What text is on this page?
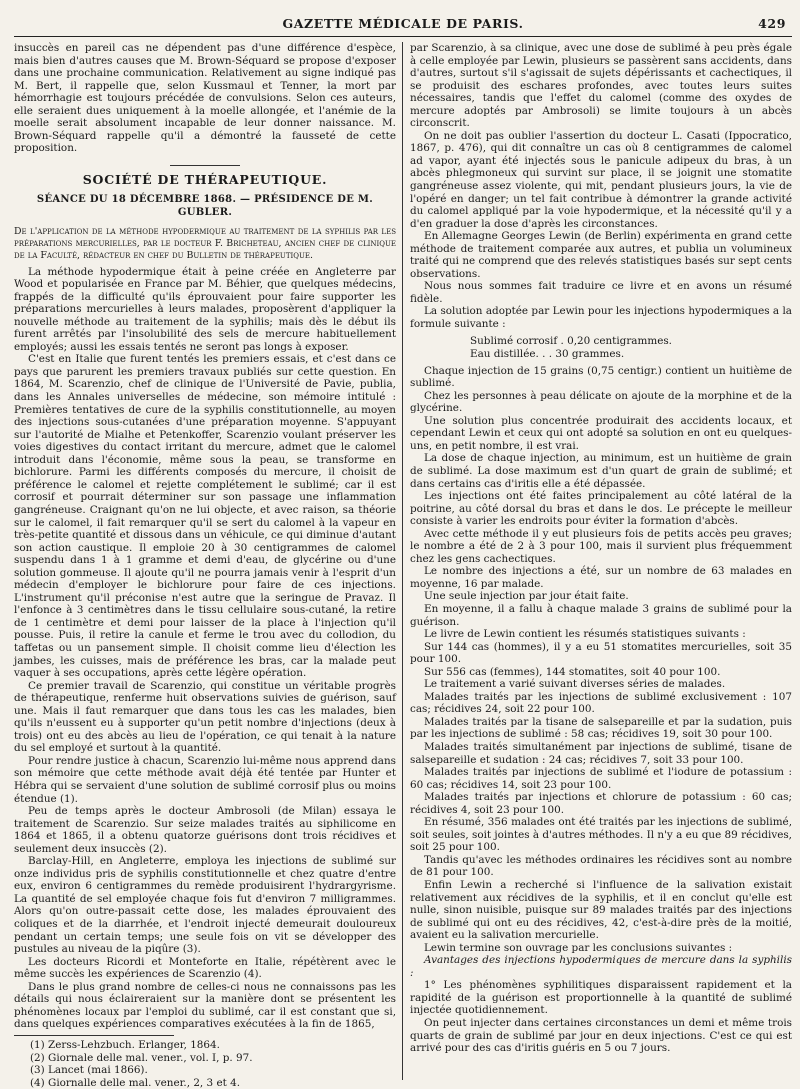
GAZETTE MÉDICALE DE PARIS.	429

insuccès en pareil cas ne dépendent pas d'une différence d'espèce, mais bien d'autres causes que M. Brown-Séquard se propose d'exposer dans une prochaine communication. Relativement au signe indiqué pas M. Bert, il rappelle que, selon Kussmaul et Tenner, la mort par hémorrhagie est toujours précédée de convulsions. Selon ces auteurs, elle seraient dues uniquement à la moelle allongée, et l'anémie de la moelle serait absolument incapable de leur donner naissance. M. Brown-Séquard rappelle qu'il a démontré la fausseté de cette proposition.

SOCIÉTÉ DE THÉRAPEUTIQUE.
SÉANCE DU 18 DÉCEMBRE 1868. — PRÉSIDENCE DE M. GUBLER.

De l'application de la méthode hypodermique au traitement de la syphilis par les préparations mercurielles, par le docteur F. Bricheteau, ancien chef de clinique de la Faculté, rédacteur en chef du Bulletin de thérapeutique.

La méthode hypodermique était à peine créée en Angleterre par Wood et popularisée en France par M. Béhier, que quelques médecins, frappés de la difficulté qu'ils éprouvaient pour faire supporter les préparations mercurielles à leurs malades, proposèrent d'appliquer la nouvelle méthode au traitement de la syphilis; mais dès le début ils furent arrêtés par l'insolubilité des sels de mercure habituellement employés; aussi les essais tentés ne seront pas longs à exposer.

C'est en Italie que furent tentés les premiers essais, et c'est dans ce pays que parurent les premiers travaux publiés sur cette question. En 1864, M. Scarenzio, chef de clinique de l'Université de Pavie, publia, dans les Annales universelles de médecine, son mémoire intitulé : Premières tentatives de cure de la syphilis constitutionnelle, au moyen des injections sous-cutanées d'une préparation moyenne. S'appuyant sur l'autorité de Mialhe et Petenkoffer, Scarenzio voulant préserver les voies digestives du contact irritant du mercure, admet que le calomel introduit dans l'économie, même sous la peau, se transforme en bichlorure. Parmi les différents composés du mercure, il choisit de préférence le calomel et rejette complétement le sublimé; car il est corrosif et pourrait déterminer sur son passage une inflammation gangréneuse. Craignant qu'on ne lui objecte, et avec raison, sa théorie sur le calomel, il fait remarquer qu'il se sert du calomel à la vapeur en très-petite quantité et dissous dans un véhicule, ce qui diminue d'autant son action caustique. Il emploie 20 à 30 centigrammes de calomel suspendu dans 1 à 1 gramme et demi d'eau, de glycérine ou d'une solution gommeuse. Il ajoute qu'il ne pourra jamais venir à l'esprit d'un médecin d'employer le bichlorure pour faire de ces injections. L'instrument qu'il préconise n'est autre que la seringue de Pravaz. Il l'enfonce à 3 centimètres dans le tissu cellulaire sous-cutané, la retire de 1 centimètre et demi pour laisser de la place à l'injection qu'il pousse. Puis, il retire la canule et ferme le trou avec du collodion, du taffetas ou un pansement simple. Il choisit comme lieu d'élection les jambes, les cuisses, mais de préférence les bras, car la malade peut vaquer à ses occupations, après cette légère opération.

Ce premier travail de Scarenzio, qui constitue un véritable progrès de thérapeutique, renferme huit observations suivies de guérison, sauf une. Mais il faut remarquer que dans tous les cas les malades, bien qu'ils n'eussent eu à supporter qu'un petit nombre d'injections (deux à trois) ont eu des abcès au lieu de l'opération, ce qui tenait à la nature du sel employé et surtout à la quantité.

Pour rendre justice à chacun, Scarenzio lui-même nous apprend dans son mémoire que cette méthode avait déjà été tentée par Hunter et Hébra qui se servaient d'une solution de sublimé corrosif plus ou moins étendue (1).

Peu de temps après le docteur Ambrosoli (de Milan) essaya le traitement de Scarenzio. Sur seize malades traités au siphilicome en 1864 et 1865, il a obtenu quatorze guérisons dont trois récidives et seulement deux insuccès (2).

Barclay-Hill, en Angleterre, employa les injections de sublimé sur onze individus pris de syphilis constitutionnelle et chez quatre d'entre eux, environ 6 centigrammes du remède produisirent l'hydrargyrisme. La quantité de sel employée chaque fois fut d'environ 7 milligrammes. Alors qu'on outre-passait cette dose, les malades éprouvaient des coliques et de la diarrhée, et l'endroit injecté demeurait douloureux pendant un certain temps; une seule fois on vit se développer des pustules au niveau de la piqûre (3).

Les docteurs Ricordi et Monteforte en Italie, répétèrent avec le même succès les expériences de Scarenzio (4).

Dans le plus grand nombre de celles-ci nous ne connaissons pas les détails qui nous éclaireraient sur la manière dont se présentent les phénomènes locaux par l'emploi du sublimé, car il est constant que si, dans quelques expériences comparatives exécutées à la fin de 1865,

(1) Zerss-Lehzbuch. Erlanger, 1864.

(2) Giornale delle mal. vener., vol. I, p. 97.

(3) Lancet (mai 1866).

(4) Giornalle delle mal. vener., 2, 3 et 4.

par Scarenzio, à sa clinique, avec une dose de sublimé à peu près égale à celle employée par Lewin, plusieurs se passèrent sans accidents, dans d'autres, surtout s'il s'agissait de sujets dépérissants et cachectiques, il se produisit des eschares profondes, avec toutes leurs suites nécessaires, tandis que l'effet du calomel (comme des oxydes de mercure adoptés par Ambrosoli) se limite toujours à un abcès circonscrit.

On ne doit pas oublier l'assertion du docteur L. Casati (Ippocratico, 1867, p. 476), qui dit connaître un cas où 8 centigrammes de calomel ad vapor, ayant été injectés sous le panicule adipeux du bras, à un abcès phlegmoneux qui survint sur place, il se joignit une stomatite gangréneuse assez violente, qui mit, pendant plusieurs jours, la vie de l'opéré en danger; un tel fait contribue à démontrer la grande activité du calomel appliqué par la voie hypodermique, et la nécessité qu'il y a d'en graduer la dose d'après les circonstances.

En Allemagne Georges Lewin (de Berlin) expérimenta en grand cette méthode de traitement comparée aux autres, et publia un volumineux traité qui ne comprend que des relevés statistiques basés sur sept cents observations.

Nous nous sommes fait traduire ce livre et en avons un résumé fidèle.

La solution adoptée par Lewin pour les injections hypodermiques a la formule suivante :

Sublimé corrosif . 0,20 centigrammes.
Eau distillée. . . 30 grammes.

Chaque injection de 15 grains (0,75 centigr.) contient un huitième de sublimé.

Chez les personnes à peau délicate on ajoute de la morphine et de la glycérine.

Une solution plus concentrée produirait des accidents locaux, et cependant Lewin et ceux qui ont adopté sa solution en ont eu quelques-uns, en petit nombre, il est vrai.

La dose de chaque injection, au minimum, est un huitième de grain de sublimé. La dose maximum est d'un quart de grain de sublimé; et dans certains cas d'iritis elle a été dépassée.

Les injections ont été faites principalement au côté latéral de la poitrine, au côté dorsal du bras et dans le dos. Le précepte le meilleur consiste à varier les endroits pour éviter la formation d'abcès.

Avec cette méthode il y eut plusieurs fois de petits accès peu graves; le nombre a été de 2 à 3 pour 100, mais il survient plus fréquemment chez les gens cachectiques.

Le nombre des injections a été, sur un nombre de 63 malades en moyenne, 16 par malade.

Une seule injection par jour était faite.

En moyenne, il a fallu à chaque malade 3 grains de sublimé pour la guérison.

Le livre de Lewin contient les résumés statistiques suivants :

Sur 144 cas (hommes), il y a eu 51 stomatites mercurielles, soit 35 pour 100.

Sur 556 cas (femmes), 144 stomatites, soit 40 pour 100.

Le traitement a varié suivant diverses séries de malades.

Malades traités par les injections de sublimé exclusivement : 107 cas; récidives 24, soit 22 pour 100.

Malades traités par la tisane de salsepareille et par la sudation, puis par les injections de sublimé : 58 cas; récidives 19, soit 30 pour 100.

Malades traités simultanément par injections de sublimé, tisane de salsepareille et sudation : 24 cas; récidives 7, soit 33 pour 100.

Malades traités par injections de sublimé et l'iodure de potassium : 60 cas; récidives 14, soit 23 pour 100.

Malades traités par injections et chlorure de potassium : 60 cas; récidives 4, soit 23 pour 100.

En résumé, 356 malades ont été traités par les injections de sublimé, soit seules, soit jointes à d'autres méthodes. Il n'y a eu que 89 récidives, soit 25 pour 100.

Tandis qu'avec les méthodes ordinaires les récidives sont au nombre de 81 pour 100.

Enfin Lewin a recherché si l'influence de la salivation existait relativement aux récidives de la syphilis, et il en conclut qu'elle est nulle, sinon nuisible, puisque sur 89 malades traités par des injections de sublimé qui ont eu des récidives, 42, c'est-à-dire près de la moitié, avaient eu la salivation mercurielle.

Lewin termine son ouvrage par les conclusions suivantes :

Avantages des injections hypodermiques de mercure dans la syphilis :

1° Les phénomènes syphilitiques disparaissent rapidement et la rapidité de la guérison est proportionnelle à la quantité de sublimé injectée quotidiennement.

On peut injecter dans certaines circonstances un demi et même trois quarts de grain de sublimé par jour en deux injections. C'est ce qui est arrivé pour des cas d'iritis guéris en 5 ou 7 jours.
